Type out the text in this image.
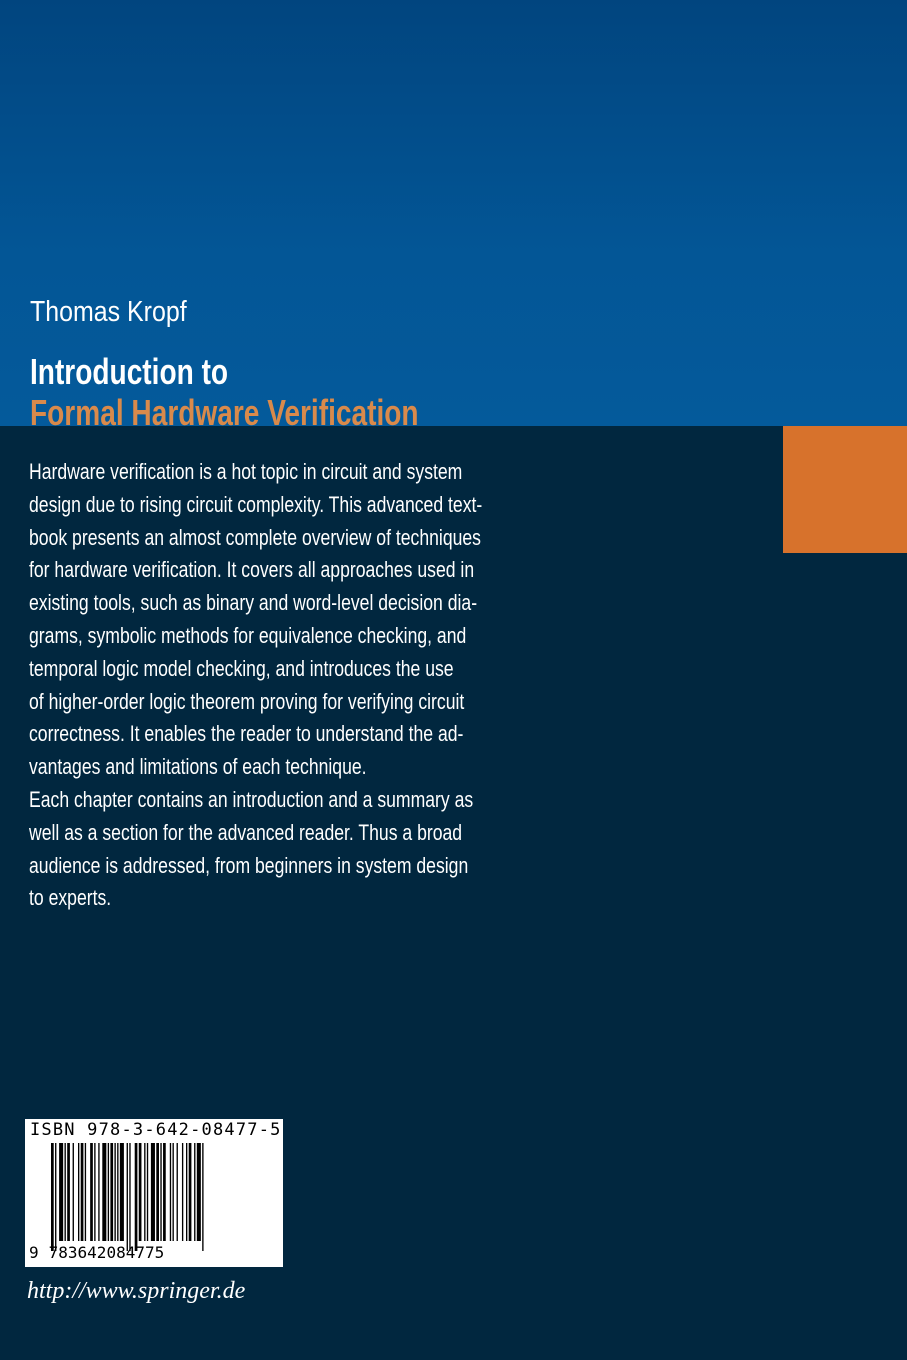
Thomas Kropf
Introduction to
Formal Hardware Verification
Hardware verification is a hot topic in circuit and system
design due to rising circuit complexity. This advanced text-
book presents an almost complete overview of techniques
for hardware verification. It covers all approaches used in
existing tools, such as binary and word-level decision dia-
grams, symbolic methods for equivalence checking, and
temporal logic model checking, and introduces the use
of higher-order logic theorem proving for verifying circuit
correctness. It enables the reader to understand the ad-
vantages and limitations of each technique.
Each chapter contains an introduction and a summary as
well as a section for the advanced reader. Thus a broad
audience is addressed, from beginners in system design
to experts.
ISBN 978-3-642-08477-5
9 783642084775
http://www.springer.de
